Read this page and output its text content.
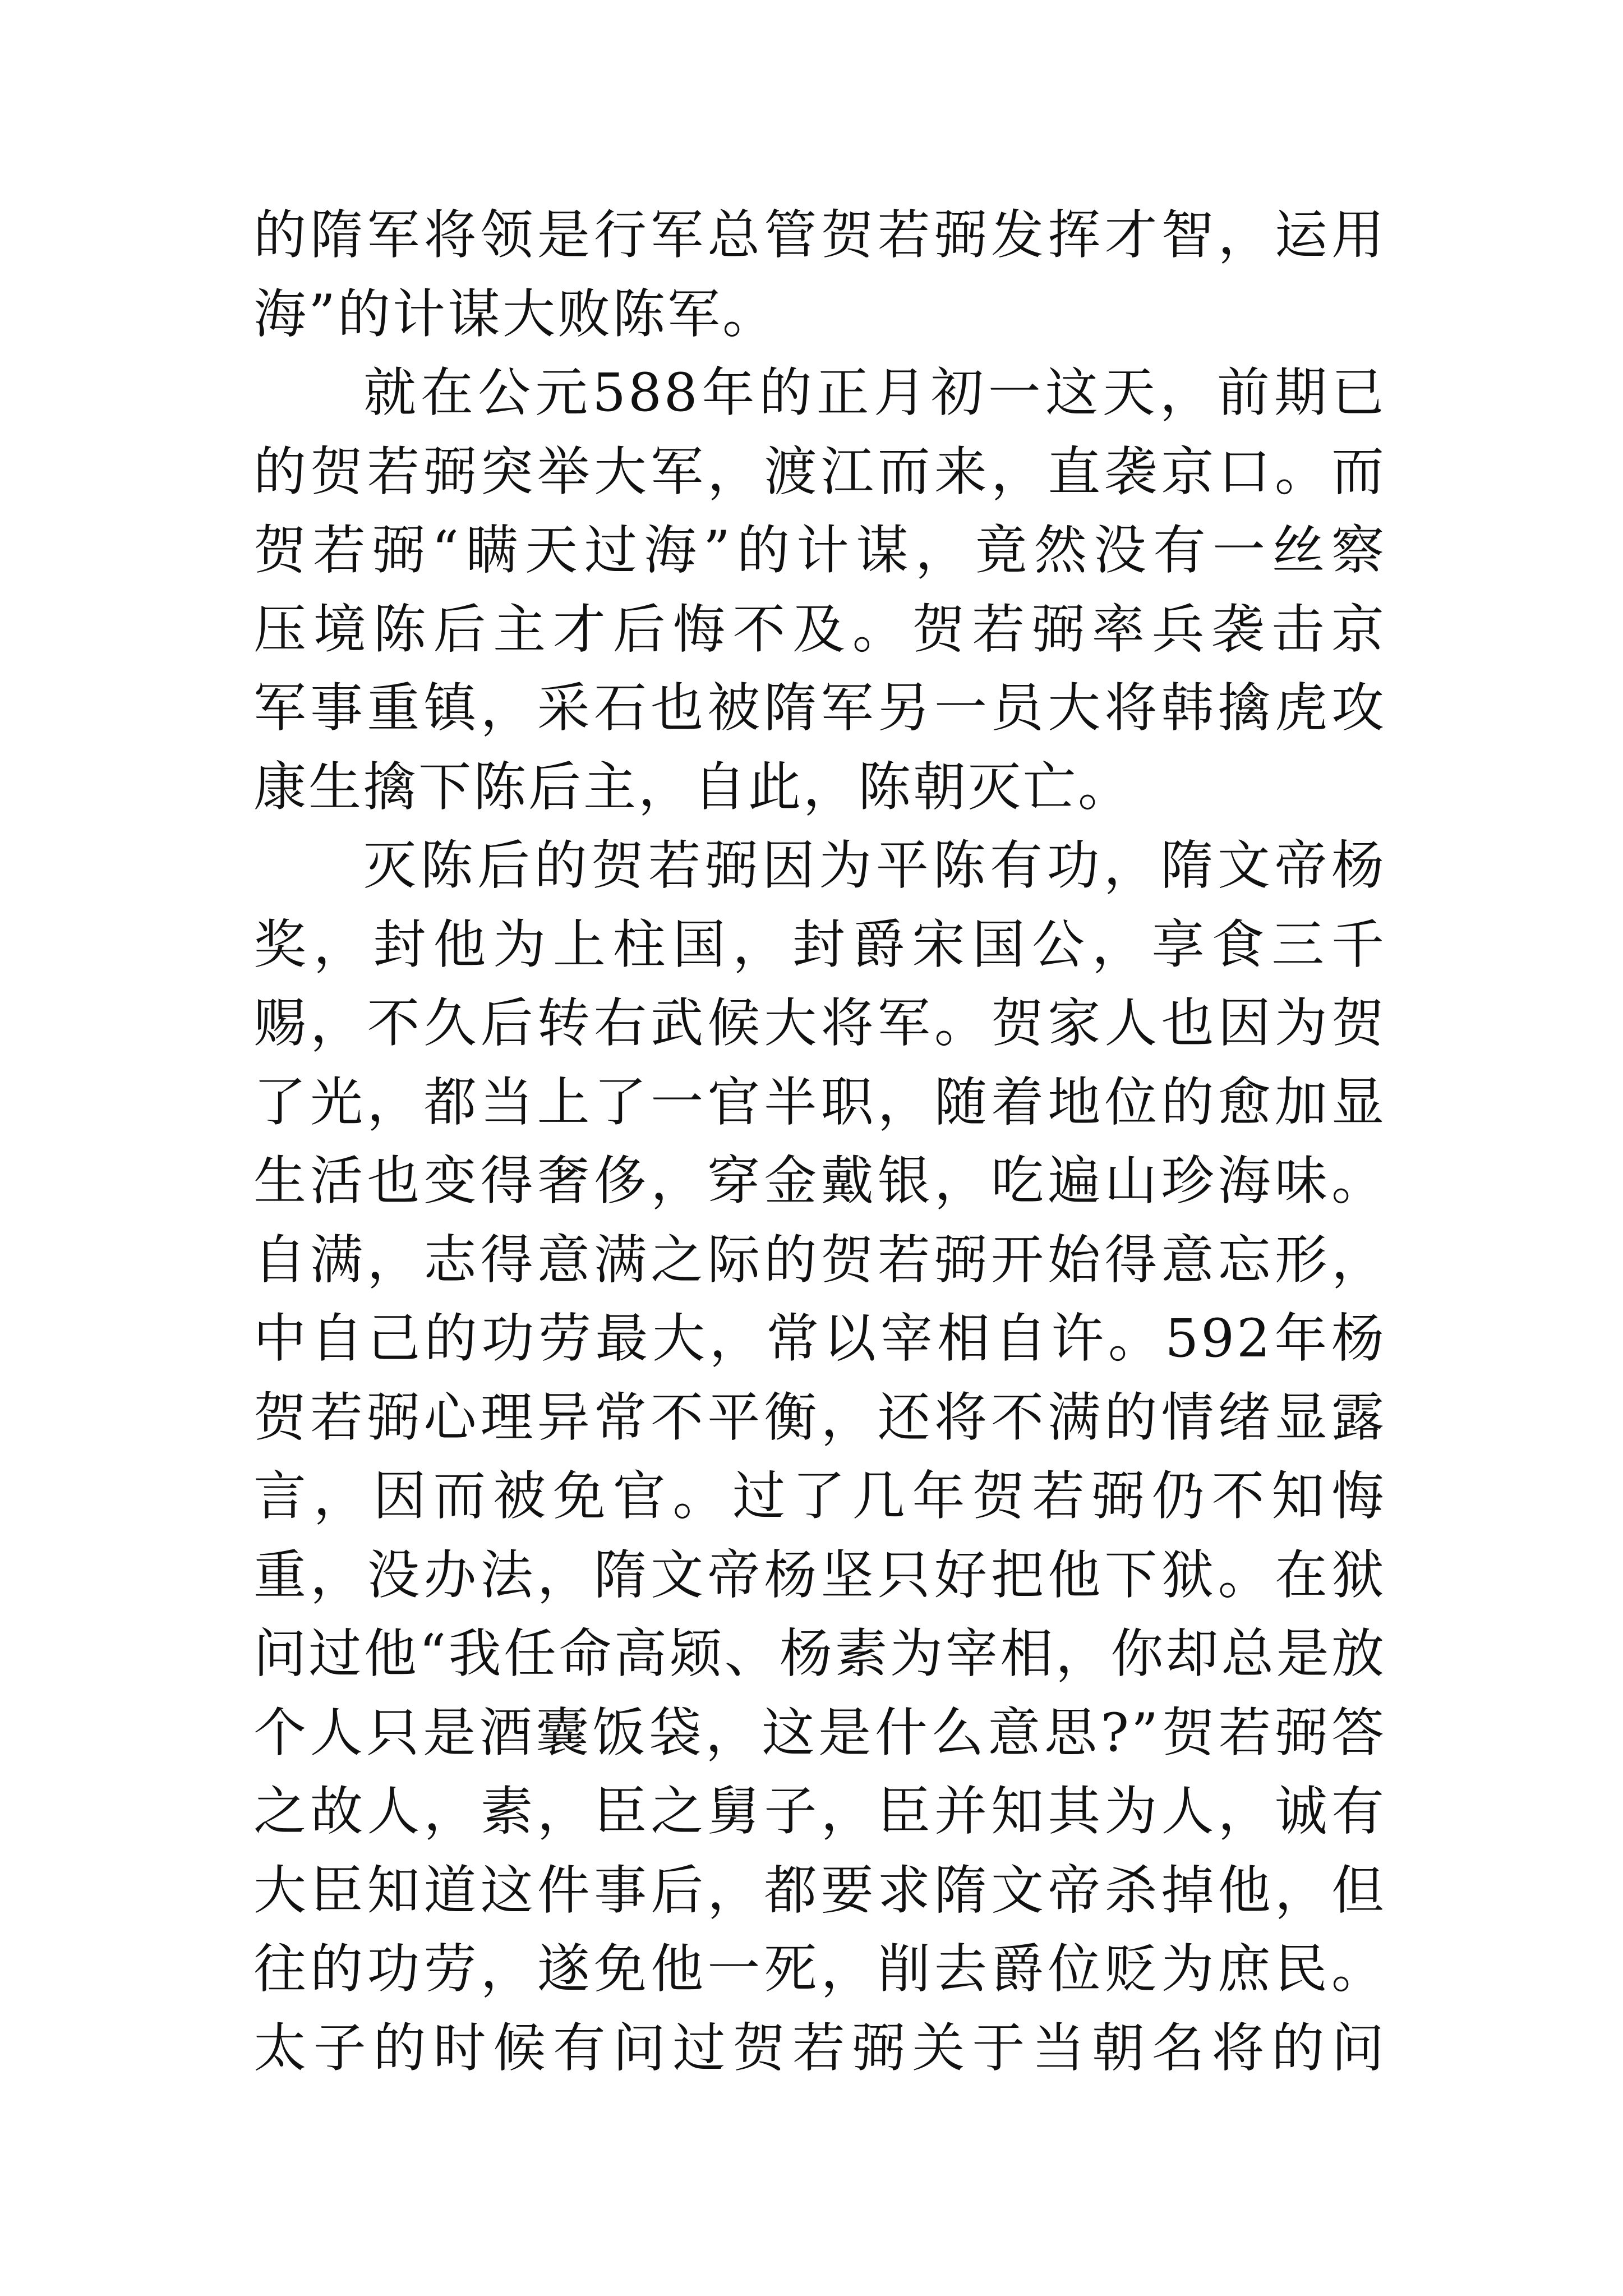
的隋军将领是行军总管贺若弼发挥才智，运用
海”的计谋大败陈军。
就在公元588年的正月初一这天，前期已
的贺若弼突举大军，渡江而来，直袭京口。而
贺若弼“瞒天过海”的计谋，竟然没有一丝察
压境陈后主才后悔不及。贺若弼率兵袭击京
军事重镇，采石也被隋军另一员大将韩擒虎攻
康生擒下陈后主，自此，陈朝灭亡。
灭陈后的贺若弼因为平陈有功，隋文帝杨
奖，封他为上柱国，封爵宋国公，享食三千
赐，不久后转右武候大将军。贺家人也因为贺
了光，都当上了一官半职，随着地位的愈加显
生活也变得奢侈，穿金戴银，吃遍山珍海味。
自满，志得意满之际的贺若弼开始得意忘形，
中自己的功劳最大，常以宰相自许。592年杨
贺若弼心理异常不平衡，还将不满的情绪显露
言，因而被免官。过了几年贺若弼仍不知悔
重，没办法，隋文帝杨坚只好把他下狱。在狱
问过他“我任命高颎、杨素为宰相，你却总是放
个人只是酒囊饭袋，这是什么意思?”贺若弼答
之故人，素，臣之舅子，臣并知其为人，诚有
大臣知道这件事后，都要求隋文帝杀掉他，但
往的功劳，遂免他一死，削去爵位贬为庶民。
太子的时候有问过贺若弼关于当朝名将的问
